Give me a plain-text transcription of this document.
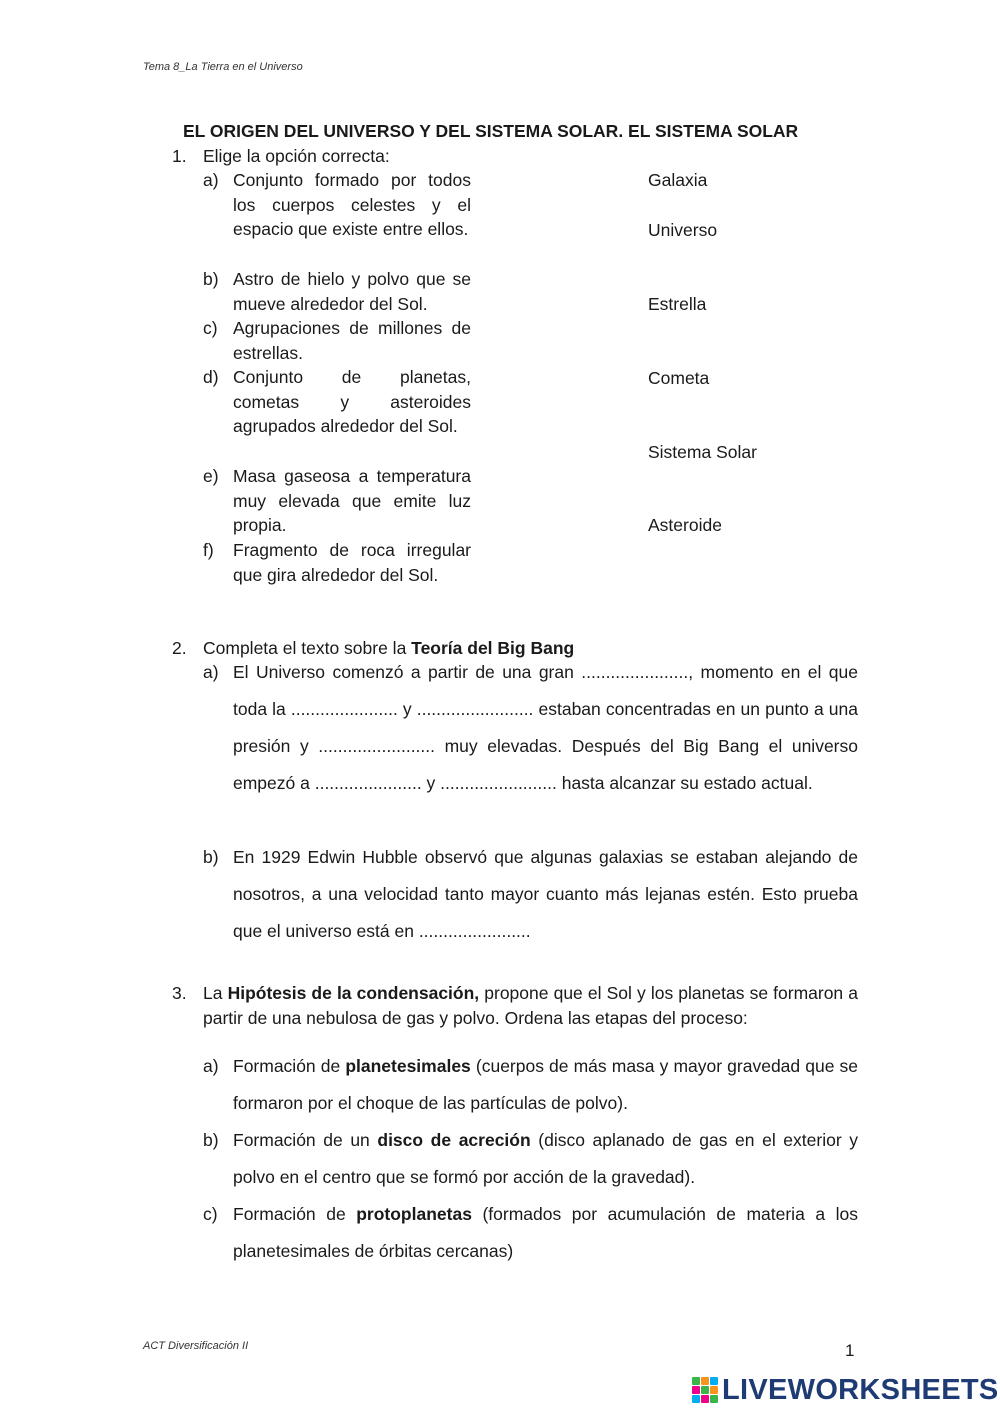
Tema 8_La Tierra en el Universo
EL ORIGEN DEL UNIVERSO Y DEL SISTEMA SOLAR. EL SISTEMA SOLAR
1. Elige la opción correcta:
a) Conjunto formado por todos los cuerpos celestes y el espacio que existe entre ellos.
b) Astro de hielo y polvo que se mueve alrededor del Sol.
c) Agrupaciones de millones de estrellas.
d) Conjunto de planetas, cometas y asteroides agrupados alrededor del Sol.
e) Masa gaseosa a temperatura muy elevada que emite luz propia.
f) Fragmento de roca irregular que gira alrededor del Sol.
Galaxia
Universo
Estrella
Cometa
Sistema Solar
Asteroide
2. Completa el texto sobre la Teoría del Big Bang
a) El Universo comenzó a partir de una gran ......................, momento en el que toda la ...................... y ........................ estaban concentradas en un punto a una presión y ........................ muy elevadas. Después del Big Bang el universo empezó a ...................... y ........................ hasta alcanzar su estado actual.
b) En 1929 Edwin Hubble observó que algunas galaxias se estaban alejando de nosotros, a una velocidad tanto mayor cuanto más lejanas estén. Esto prueba que el universo está en .......................
3. La Hipótesis de la condensación, propone que el Sol y los planetas se formaron a partir de una nebulosa de gas y polvo. Ordena las etapas del proceso:
a) Formación de planetesimales (cuerpos de más masa y mayor gravedad que se formaron por el choque de las partículas de polvo).
b) Formación de un disco de acreción (disco aplanado de gas en el exterior y polvo en el centro que se formó por acción de la gravedad).
c) Formación de protoplanetas (formados por acumulación de materia a los planetesimales de órbitas cercanas)
ACT Diversificación II	1
LIVEWORKSHEETS
